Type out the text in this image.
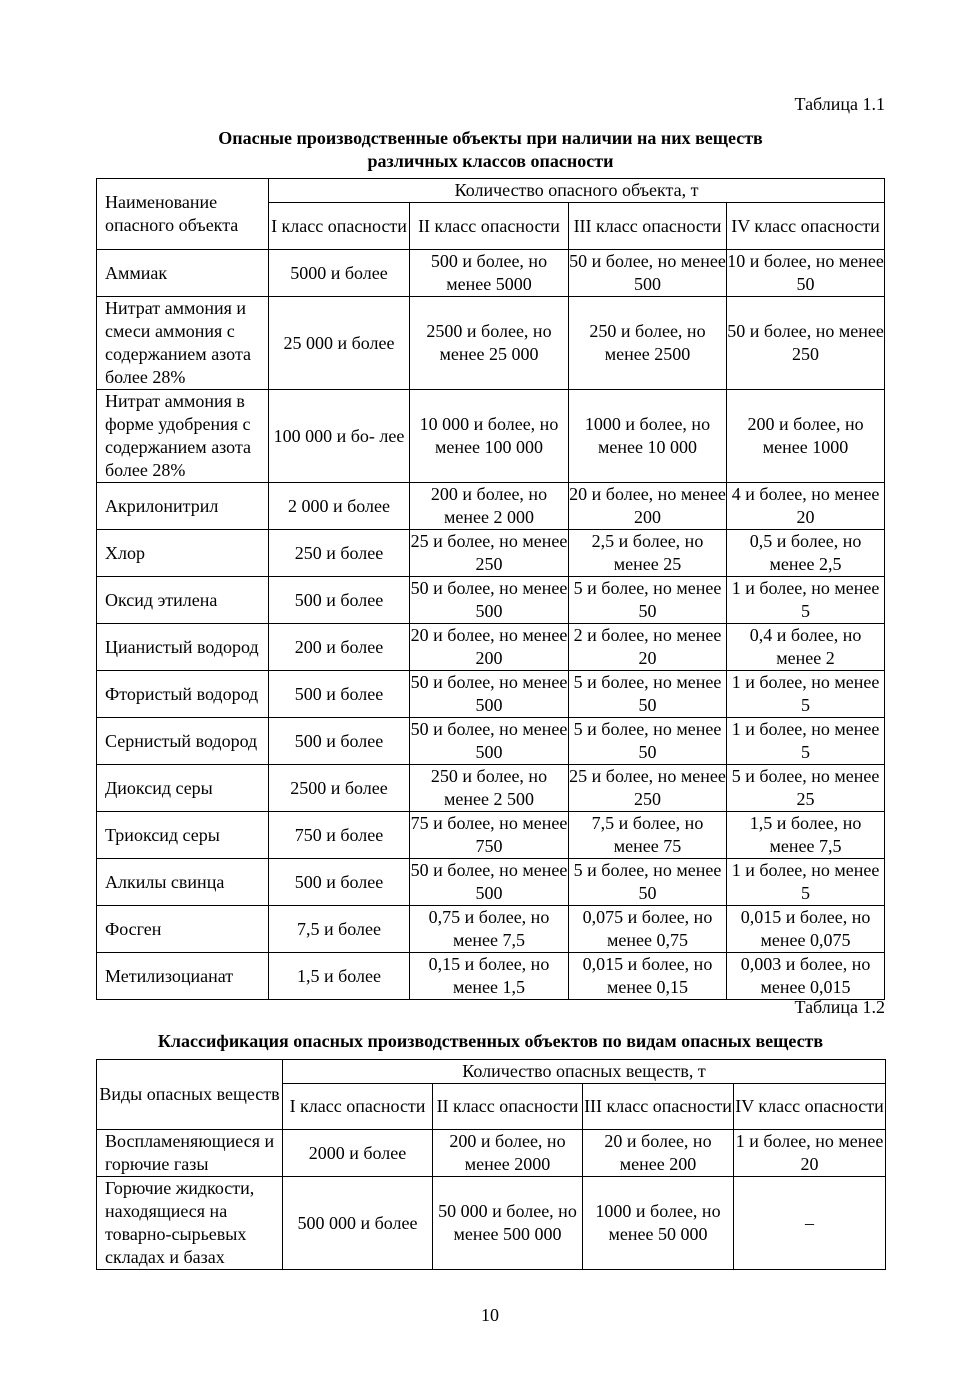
Таблица 1.1
Опасные производственные объекты при наличии на них веществ
различных классов опасности
Наименование опасного объекта	Количество опасного объекта, т			
	I класс опасности	II класс опасности	III класс опасности	IV класс опасности
Аммиак	5000 и более	500 и более, но менее 5000	50 и более, но менее 500	10 и более, но менее 50
Нитрат аммония и смеси аммония с содержанием азота более 28%	25 000 и более	2500 и более, но менее 25 000	250 и более, но менее 2500	50 и более, но менее 250
Нитрат аммония в форме удобрения с содержанием азота более 28%	100 000 и бо- лее	10 000 и более, но менее 100 000	1000 и более, но менее 10 000	200 и более, но менее 1000
Акрилонитрил	2 000 и более	200 и более, но менее 2 000	20 и более, но менее 200	4 и более, но менее 20
Хлор	250 и более	25 и более, но менее 250	2,5 и более, но менее 25	0,5 и более, но менее 2,5
Оксид этилена	500 и более	50 и более, но менее 500	5 и более, но менее 50	1 и более, но менее 5
Цианистый водород	200 и более	20 и более, но менее 200	2 и более, но менее 20	0,4 и более, но менее 2
Фтористый водород	500 и более	50 и более, но менее 500	5 и более, но менее 50	1 и более, но менее 5
Сернистый водород	500 и более	50 и более, но менее 500	5 и более, но менее 50	1 и более, но менее 5
Диоксид серы	2500 и более	250 и более, но менее 2 500	25 и более, но менее 250	5 и более, но менее 25
Триоксид серы	750 и более	75 и более, но менее 750	7,5 и более, но менее 75	1,5 и более, но менее 7,5
Алкилы свинца	500 и более	50 и более, но менее 500	5 и более, но менее 50	1 и более, но менее 5
Фосген	7,5 и более	0,75 и более, но менее 7,5	0,075 и более, но менее 0,75	0,015 и более, но менее 0,075
Метилизоцианат	1,5 и более	0,15 и более, но менее 1,5	0,015 и более, но менее 0,15	0,003 и более, но менее 0,015
Таблица 1.2
Классификация опасных производственных объектов по видам опасных веществ
Виды опасных веществ	Количество опасных веществ, т			
	I класс опасности	II класс опасности	III класс опасности	IV класс опасности
Воспламеняющиеся и горючие газы	2000 и более	200 и более, но менее 2000	20 и более, но менее 200	1 и более, но менее 20
Горючие жидкости, находящиеся на товарно-сырьевых складах и базах	500 000 и более	50 000 и более, но менее 500 000	1000 и более, но менее 50 000	–
10
